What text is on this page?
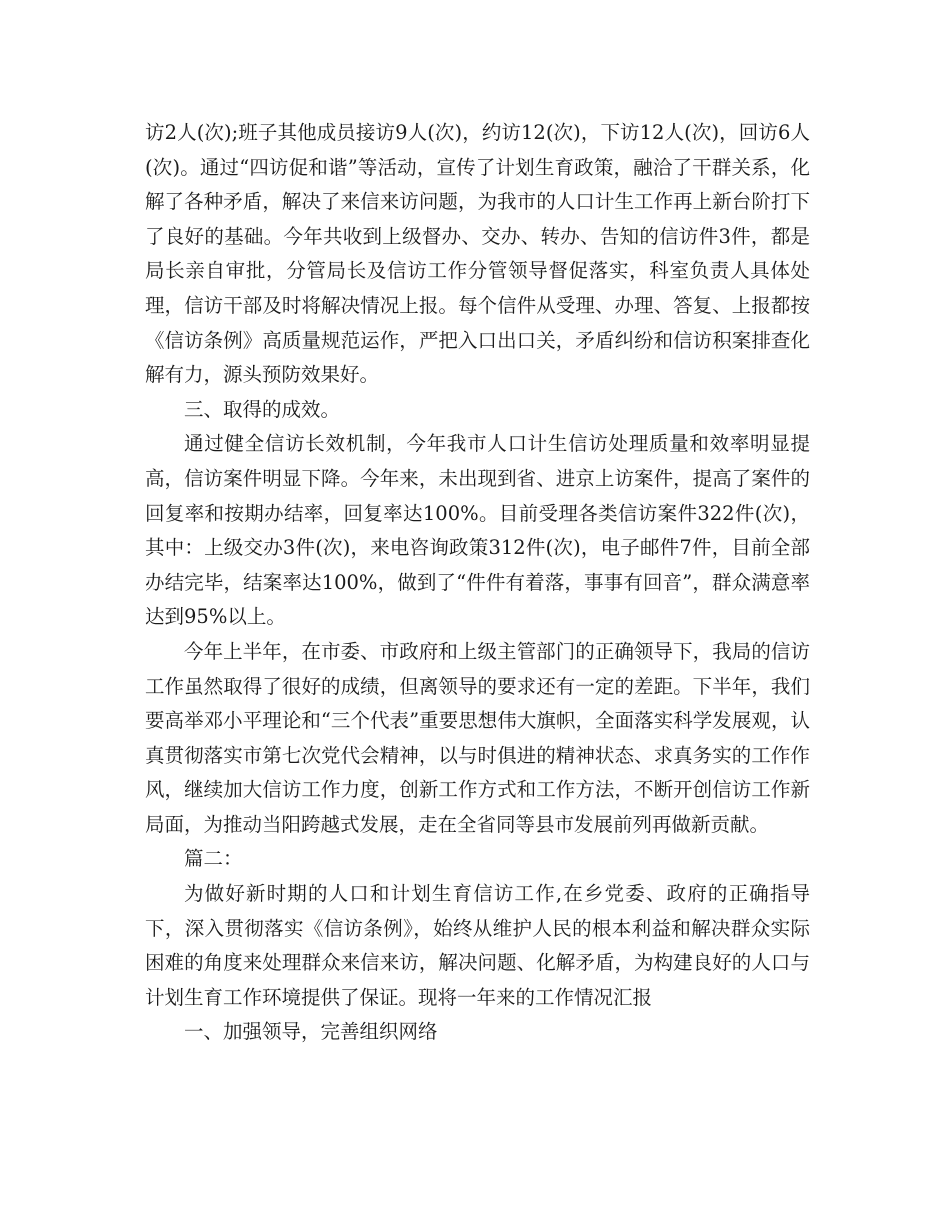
访2人(次);班子其他成员接访9人(次)，约访12(次)，下访12人(次)，回访6人(次)。通过“四访促和谐”等活动，宣传了计划生育政策，融洽了干群关系，化解了各种矛盾，解决了来信来访问题，为我市的人口计生工作再上新台阶打下了良好的基础。今年共收到上级督办、交办、转办、告知的信访件3件，都是局长亲自审批，分管局长及信访工作分管领导督促落实，科室负责人具体处理，信访干部及时将解决情况上报。每个信件从受理、办理、答复、上报都按《信访条例》高质量规范运作，严把入口出口关，矛盾纠纷和信访积案排查化解有力，源头预防效果好。

三、取得的成效。

通过健全信访长效机制，今年我市人口计生信访处理质量和效率明显提高，信访案件明显下降。今年来，未出现到省、进京上访案件，提高了案件的回复率和按期办结率，回复率达100%。目前受理各类信访案件322件(次)，其中：上级交办3件(次)，来电咨询政策312件(次)，电子邮件7件，目前全部办结完毕，结案率达100%，做到了“件件有着落，事事有回音”，群众满意率达到95%以上。

今年上半年，在市委、市政府和上级主管部门的正确领导下，我局的信访工作虽然取得了很好的成绩，但离领导的要求还有一定的差距。下半年，我们要高举邓小平理论和“三个代表”重要思想伟大旗帜，全面落实科学发展观，认真贯彻落实市第七次党代会精神，以与时俱进的精神状态、求真务实的工作作风，继续加大信访工作力度，创新工作方式和工作方法，不断开创信访工作新局面，为推动当阳跨越式发展，走在全省同等县市发展前列再做新贡献。

篇二：

为做好新时期的人口和计划生育信访工作,在乡党委、政府的正确指导下，深入贯彻落实《信访条例》，始终从维护人民的根本利益和解决群众实际困难的角度来处理群众来信来访，解决问题、化解矛盾，为构建良好的人口与计划生育工作环境提供了保证。现将一年来的工作情况汇报

一、加强领导，完善组织网络
